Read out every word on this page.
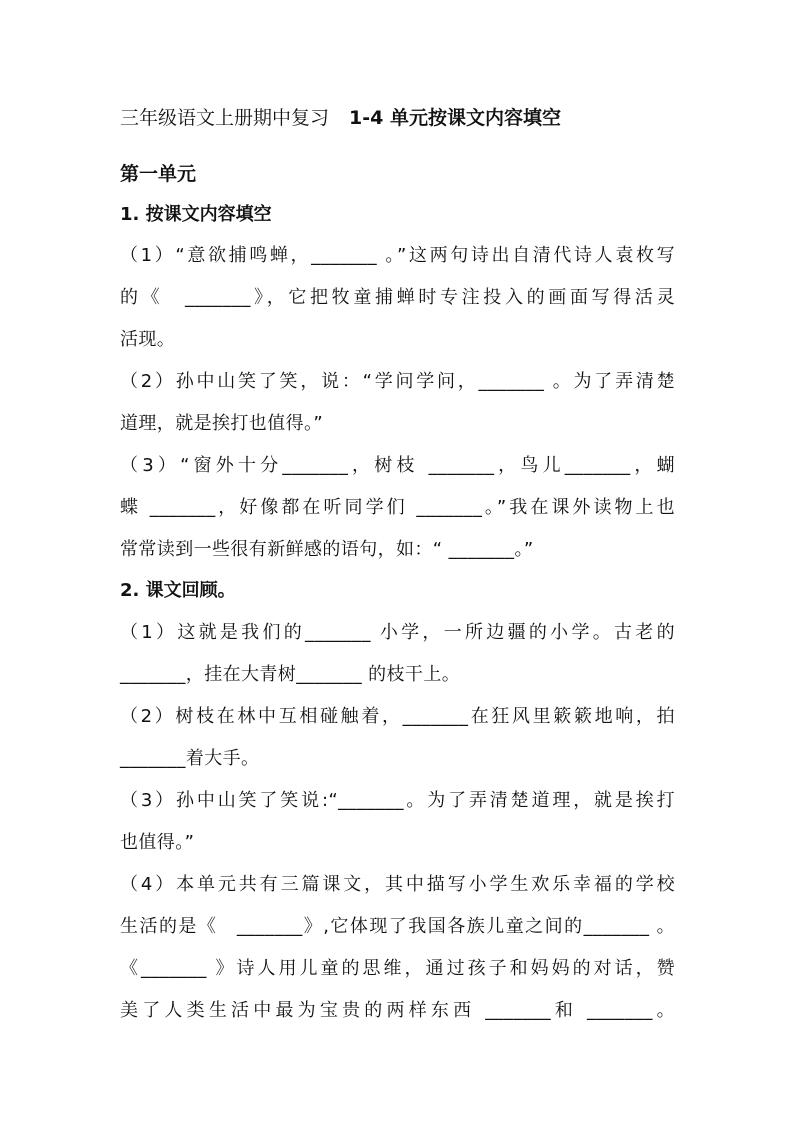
三年级语文上册期中复习 1-4 单元按课文内容填空
第一单元
1. 按课文内容填空
（1）“意欲捕鸣蝉，_______ 。”这两句诗出自清代诗人袁枚写
的《　_______》，它把牧童捕蝉时专注投入的画面写得活灵
活现。
（2）孙中山笑了笑，说：“学问学问，_______ 。为了弄清楚
道理，就是挨打也值得。”
（3）“窗外十分_______，树枝 _______，鸟儿_______，蝴
蝶 _______，好像都在听同学们 _______。”我在课外读物上也
常常读到一些很有新鲜感的语句，如：“ _______。”
2. 课文回顾。
（1）这就是我们的_______ 小学，一所边疆的小学。古老的
_______，挂在大青树_______ 的枝干上。
（2）树枝在林中互相碰触着，_______在狂风里簌簌地响，拍
_______着大手。
（3）孙中山笑了笑说:“_______。为了弄清楚道理，就是挨打
也值得。”
（4）本单元共有三篇课文，其中描写小学生欢乐幸福的学校
生活的是《　_______》,它体现了我国各族儿童之间的_______ 。
《_______ 》诗人用儿童的思维，通过孩子和妈妈的对话，赞
美了人类生活中最为宝贵的两样东西 _______和 _______。
